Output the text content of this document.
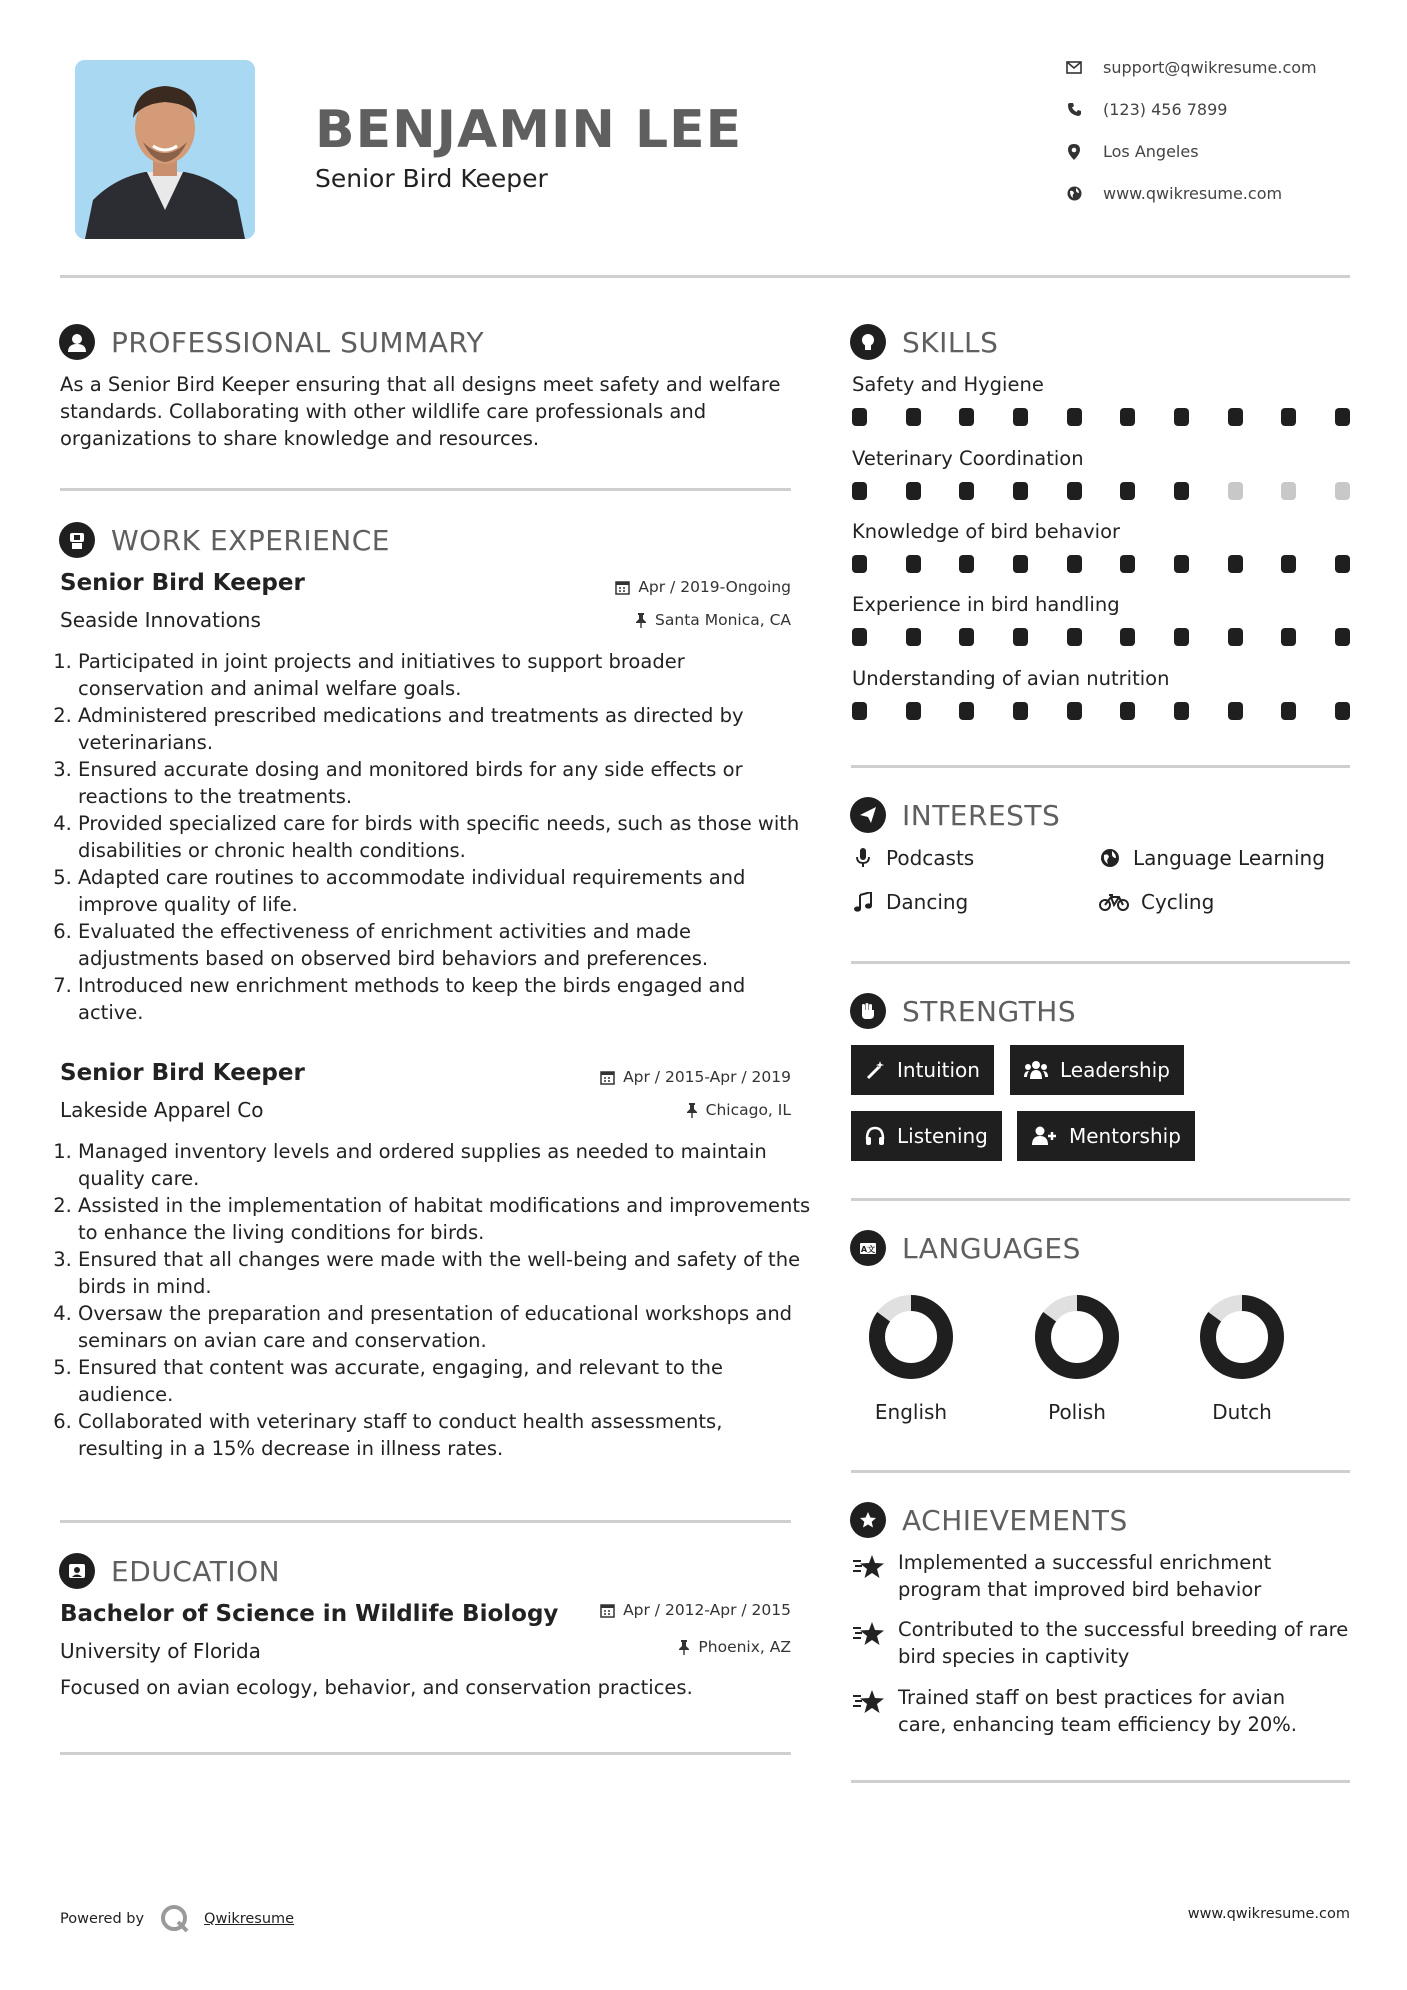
BENJAMIN LEE
Senior Bird Keeper
support@qwikresume.com
(123) 456 7899
Los Angeles
www.qwikresume.com
PROFESSIONAL SUMMARY
As a Senior Bird Keeper ensuring that all designs meet safety and welfare standards. Collaborating with other wildlife care professionals and organizations to share knowledge and resources.
WORK EXPERIENCE
Senior Bird Keeper	Apr / 2019-Ongoing
Seaside Innovations	Santa Monica, CA
1. Participated in joint projects and initiatives to support broader conservation and animal welfare goals.
2. Administered prescribed medications and treatments as directed by veterinarians.
3. Ensured accurate dosing and monitored birds for any side effects or reactions to the treatments.
4. Provided specialized care for birds with specific needs, such as those with disabilities or chronic health conditions.
5. Adapted care routines to accommodate individual requirements and improve quality of life.
6. Evaluated the effectiveness of enrichment activities and made adjustments based on observed bird behaviors and preferences.
7. Introduced new enrichment methods to keep the birds engaged and active.
Senior Bird Keeper	Apr / 2015-Apr / 2019
Lakeside Apparel Co	Chicago, IL
1. Managed inventory levels and ordered supplies as needed to maintain quality care.
2. Assisted in the implementation of habitat modifications and improvements to enhance the living conditions for birds.
3. Ensured that all changes were made with the well-being and safety of the birds in mind.
4. Oversaw the preparation and presentation of educational workshops and seminars on avian care and conservation.
5. Ensured that content was accurate, engaging, and relevant to the audience.
6. Collaborated with veterinary staff to conduct health assessments, resulting in a 15% decrease in illness rates.
EDUCATION
Bachelor of Science in Wildlife Biology	Apr / 2012-Apr / 2015
University of Florida	Phoenix, AZ
Focused on avian ecology, behavior, and conservation practices.
SKILLS
Safety and Hygiene
Veterinary Coordination
Knowledge of bird behavior
Experience in bird handling
Understanding of avian nutrition
INTERESTS
Podcasts	Language Learning
Dancing	Cycling
STRENGTHS
Intuition	Leadership
Listening	Mentorship
A文 LANGUAGES
English	Polish	Dutch
ACHIEVEMENTS
Implemented a successful enrichment program that improved bird behavior
Contributed to the successful breeding of rare bird species in captivity
Trained staff on best practices for avian care, enhancing team efficiency by 20%.
Powered by	Qwikresume	www.qwikresume.com
